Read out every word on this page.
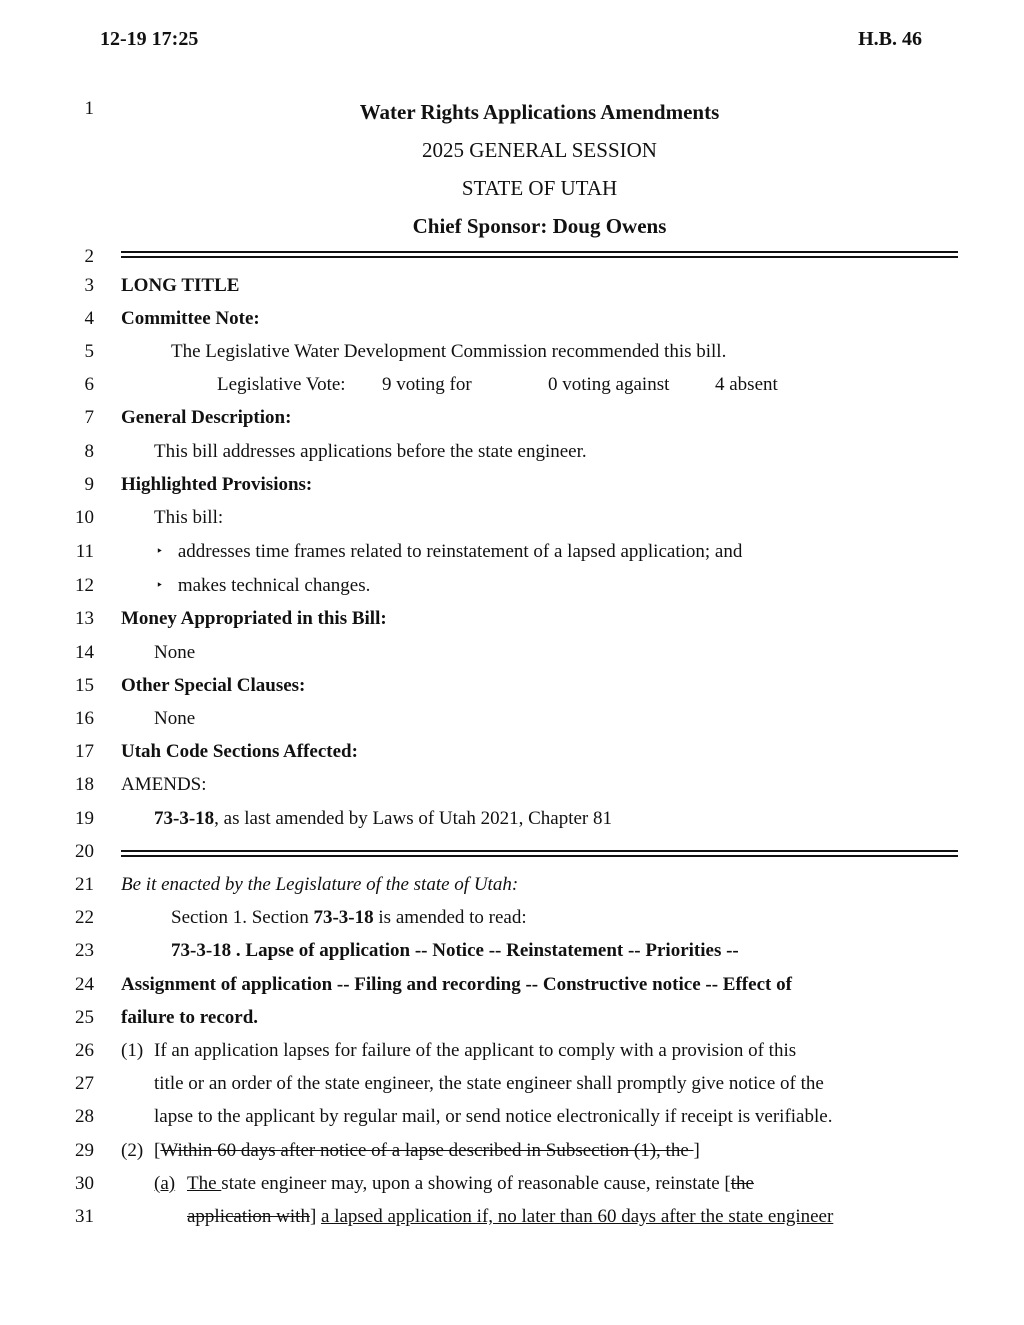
12-19 17:25	H.B. 46
1
2
3
4
5
6
7
8
9
10
11
12
13
14
15
16
17
18
19
20
21
22
23
24
25
26
27
28
29
30
31
Water Rights Applications Amendments
2025 GENERAL SESSION
STATE OF UTAH
Chief Sponsor: Doug Owens
LONG TITLE
Committee Note:
The Legislative Water Development Commission recommended this bill.
Legislative Vote:	9 voting for	0 voting against	4 absent
General Description:
This bill addresses applications before the state engineer.
Highlighted Provisions:
This bill:
‣ addresses time frames related to reinstatement of a lapsed application; and
‣ makes technical changes.
Money Appropriated in this Bill:
None
Other Special Clauses:
None
Utah Code Sections Affected:
AMENDS:
73-3-18, as last amended by Laws of Utah 2021, Chapter 81
Be it enacted by the Legislature of the state of Utah:
Section 1. Section 73-3-18 is amended to read:
73-3-18 . Lapse of application -- Notice -- Reinstatement -- Priorities --
Assignment of application -- Filing and recording -- Constructive notice -- Effect of
failure to record.
(1) If an application lapses for failure of the applicant to comply with a provision of this
title or an order of the state engineer, the state engineer shall promptly give notice of the
lapse to the applicant by regular mail, or send notice electronically if receipt is verifiable.
(2) [Within 60 days after notice of a lapse described in Subsection (1), the ]
(a) The state engineer may, upon a showing of reasonable cause, reinstate [the
application with] a lapsed application if, no later than 60 days after the state engineer
